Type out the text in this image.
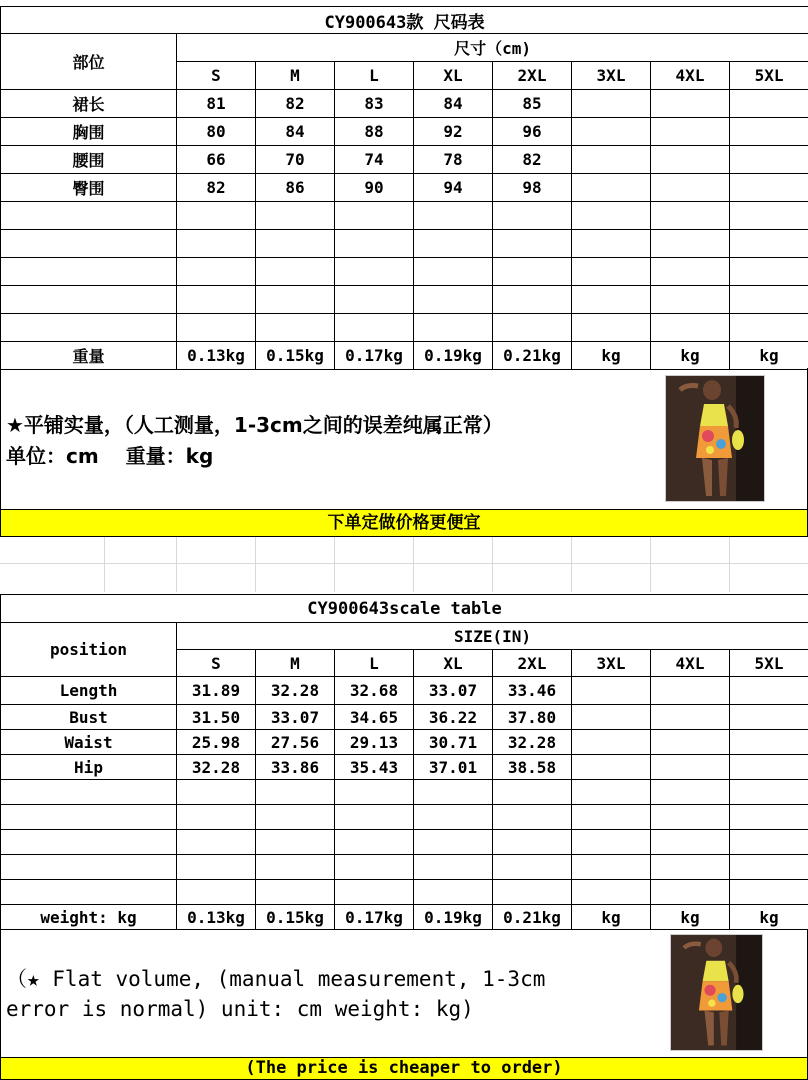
CY900643款 尺码表								
部位	尺寸（cm)							
	S	M	L	XL	2XL	3XL	4XL	5XL
裙长	81	82	83	84	85			
胸围	80	84	88	92	96			
腰围	66	70	74	78	82			
臀围	82	86	90	94	98			

重量	0.13kg	0.15kg	0.17kg	0.19kg	0.21kg	kg	kg	kg
★平铺实量，（人工测量，1-3cm之间的误差纯属正常）
单位：cm　 重量：kg
下单定做价格更便宜
CY900643scale table								
position	SIZE(IN)							
	S	M	L	XL	2XL	3XL	4XL	5XL
Length	31.89	32.28	32.68	33.07	33.46			
Bust	31.50	33.07	34.65	36.22	37.80			
Waist	25.98	27.56	29.13	30.71	32.28			
Hip	32.28	33.86	35.43	37.01	38.58			

weight: kg	0.13kg	0.15kg	0.17kg	0.19kg	0.21kg	kg	kg	kg
（★ Flat volume, (manual measurement, 1-3cm
error is normal) unit: cm weight: kg)
(The price is cheaper to order)
